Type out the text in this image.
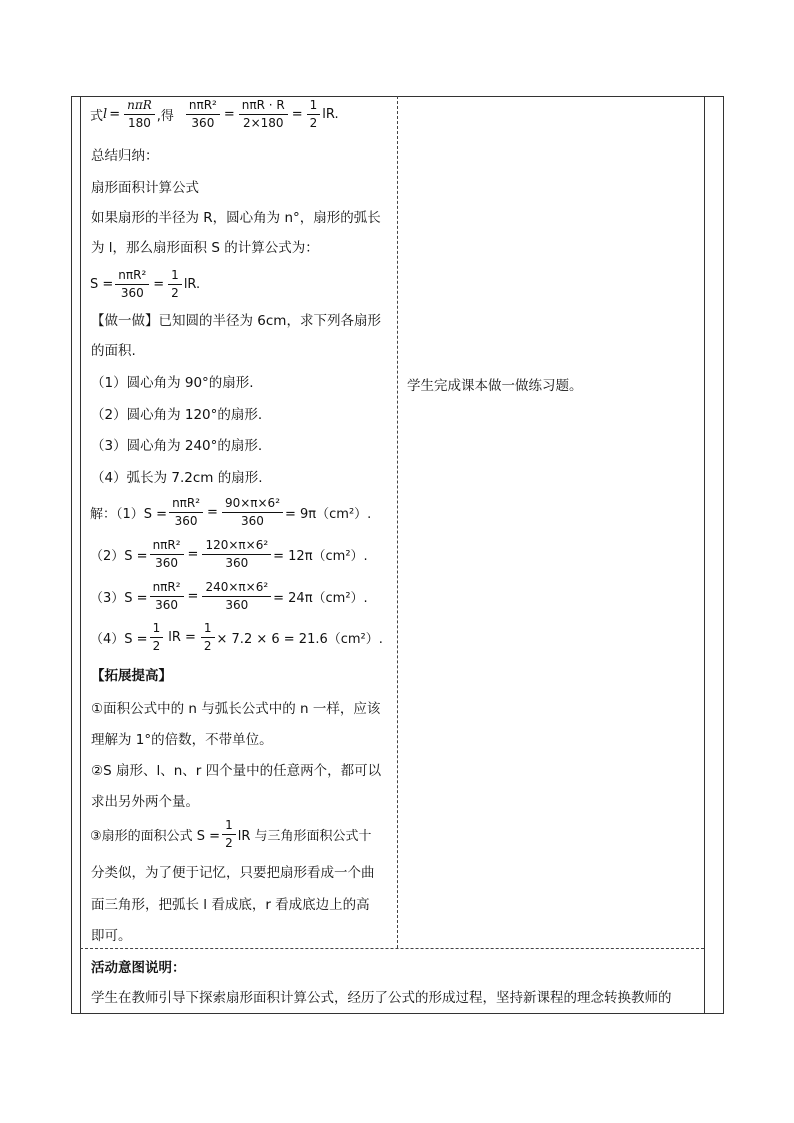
式 $l = \frac{\text{nπR}}{180}$ ,得 $\frac{\text{nπR²}}{360} = \frac{\text{nπR · R}}{2\times 180} = \frac{1}{2}$ lR.
总结归纳：
扇形面积计算公式
如果扇形的半径为 R，圆心角为 n°，扇形的弧长
为 l，那么扇形面积 S 的计算公式为：
$S = \frac{\text{nπR²}}{360} = \frac{1}{2}$ lR.
【做一做】已知圆的半径为 6cm，求下列各扇形
的面积.
（1）圆心角为 90°的扇形.
（2）圆心角为 120°的扇形.
（3）圆心角为 240°的扇形.
（4）弧长为 7.2cm 的扇形.
解：$(1)S = \frac{\text{nπR²}}{360} = \frac{\text{90×π×6²}}{360} = 9\pi(cm^2)$.
$(2)S = \frac{\text{nπR²}}{360} = \frac{\text{120×π×6²}}{360} = 12\pi(cm^2)$.
$(3)S = \frac{\text{nπR²}}{360} = \frac{\text{240×π×6²}}{360} = 24\pi(cm^2)$.
$(4)S = \frac{1}{2}$ lR = $\frac{1}{2} \times 7.2 \times 6 = 21.6(cm^2)$.
【拓展提高】
①面积公式中的 n 与弧长公式中的 n 一样，应该
理解为 1°的倍数，不带单位。
②S 扇形、l、n、r 四个量中的任意两个，都可以
求出另外两个量。
③扇形的面积公式 $S = \frac{1}{2}$ lR 与三角形面积公式十
分类似，为了便于记忆，只要把扇形看成一个曲
面三角形，把弧长 l 看成底，r 看成底边上的高
即可。
学生完成课本做一做练习题。
活动意图说明：
学生在教师引导下探索扇形面积计算公式，经历了公式的形成过程，坚持新课程的理念转换教师的
